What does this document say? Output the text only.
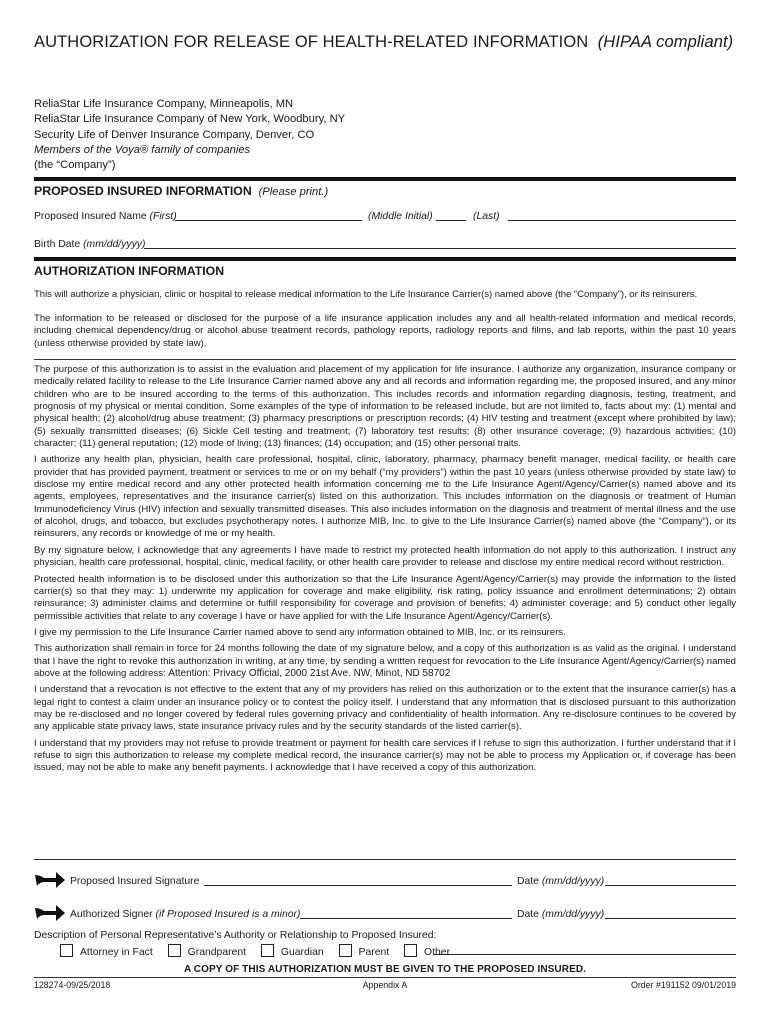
AUTHORIZATION FOR RELEASE OF HEALTH-RELATED INFORMATION (HIPAA compliant)
ReliaStar Life Insurance Company, Minneapolis, MN
ReliaStar Life Insurance Company of New York, Woodbury, NY
Security Life of Denver Insurance Company, Denver, CO
Members of the Voya® family of companies
(the “Company”)
PROPOSED INSURED INFORMATION (Please print.)
Proposed Insured Name (First)	(Middle Initial)	(Last)
Birth Date (mm/dd/yyyy)
AUTHORIZATION INFORMATION
This will authorize a physician, clinic or hospital to release medical information to the Life Insurance Carrier(s) named above (the “Company”), or its reinsurers.

The information to be released or disclosed for the purpose of a life insurance application includes any and all health-related information and medical records, including chemical dependency/drug or alcohol abuse treatment records, pathology reports, radiology reports and films, and lab reports, within the past 10 years (unless otherwise provided by state law).

The purpose of this authorization is to assist in the evaluation and placement of my application for life insurance. I authorize any organization, insurance company or medically related facility to release to the Life Insurance Carrier named above any and all records and information regarding me, the proposed insured, and any minor children who are to be insured according to the terms of this authorization. This includes records and information regarding diagnosis, testing, treatment, and prognosis of my physical or mental condition. Some examples of the type of information to be released include, but are not limited to, facts about my: (1) mental and physical health; (2) alcohol/drug abuse treatment; (3) pharmacy prescriptions or prescription records; (4) HIV testing and treatment (except where prohibited by law); (5) sexually transmitted diseases; (6) Sickle Cell testing and treatment; (7) laboratory test results; (8) other insurance coverage; (9) hazardous activities; (10) character; (11) general reputation; (12) mode of living; (13) finances; (14) occupation; and (15) other personal traits.

I authorize any health plan, physician, health care professional, hospital, clinic, laboratory, pharmacy, pharmacy benefit manager, medical facility, or health care provider that has provided payment, treatment or services to me or on my behalf (“my providers”) within the past 10 years (unless otherwise provided by state law) to disclose my entire medical record and any other protected health information concerning me to the Life Insurance Agent/Agency/Carrier(s) named above and its agents, employees, representatives and the insurance carrier(s) listed on this authorization. This includes information on the diagnosis or treatment of Human Immunodeficiency Virus (HIV) infection and sexually transmitted diseases. This also includes information on the diagnosis and treatment of mental illness and the use of alcohol, drugs, and tobacco, but excludes psychotherapy notes. I authorize MIB, Inc. to give to the Life Insurance Carrier(s) named above (the “Company”), or its reinsurers, any records or knowledge of me or my health.

By my signature below, I acknowledge that any agreements I have made to restrict my protected health information do not apply to this authorization. I instruct any physician, health care professional, hospital, clinic, medical facility, or other health care provider to release and disclose my entire medical record without restriction.

Protected health information is to be disclosed under this authorization so that the Life Insurance Agent/Agency/Carrier(s) may provide the information to the listed carrier(s) so that they may: 1) underwrite my application for coverage and make eligibility, risk rating, policy issuance and enrollment determinations; 2) obtain reinsurance; 3) administer claims and determine or fulfill responsibility for coverage and provision of benefits; 4) administer coverage; and 5) conduct other legally permissible activities that relate to any coverage I have or have applied for with the Life Insurance Agent/Agency/Carrier(s).

I give my permission to the Life Insurance Carrier named above to send any information obtained to MIB, Inc. or its reinsurers.

This authorization shall remain in force for 24 months following the date of my signature below, and a copy of this authorization is as valid as the original. I understand that I have the right to revoke this authorization in writing, at any time, by sending a written request for revocation to the Life Insurance Agent/Agency/Carrier(s) named above at the following address: Attention: Privacy Official, 2000 21st Ave. NW, Minot, ND 58702

I understand that a revocation is not effective to the extent that any of my providers has relied on this authorization or to the extent that the insurance carrier(s) has a legal right to contest a claim under an insurance policy or to contest the policy itself. I understand that any information that is disclosed pursuant to this authorization may be re-disclosed and no longer covered by federal rules governing privacy and confidentiality of health information. Any re-disclosure continues to be covered by any applicable state privacy laws, state insurance privacy rules and by the security standards of the listed carrier(s).

I understand that my providers may not refuse to provide treatment or payment for health care services if I refuse to sign this authorization. I further understand that if I refuse to sign this authorization to release my complete medical record, the insurance carrier(s) may not be able to process my Application or, if coverage has been issued, may not be able to make any benefit payments. I acknowledge that I have received a copy of this authorization.

Proposed Insured Signature	Date (mm/dd/yyyy)
Authorized Signer (if Proposed Insured is a minor)	Date (mm/dd/yyyy)
Description of Personal Representative’s Authority or Relationship to Proposed Insured:
Attorney in Fact	Grandparent	Guardian	Parent	Other
A COPY OF THIS AUTHORIZATION MUST BE GIVEN TO THE PROPOSED INSURED.
128274-09/25/2018	Appendix A	Order #191152 09/01/2019
